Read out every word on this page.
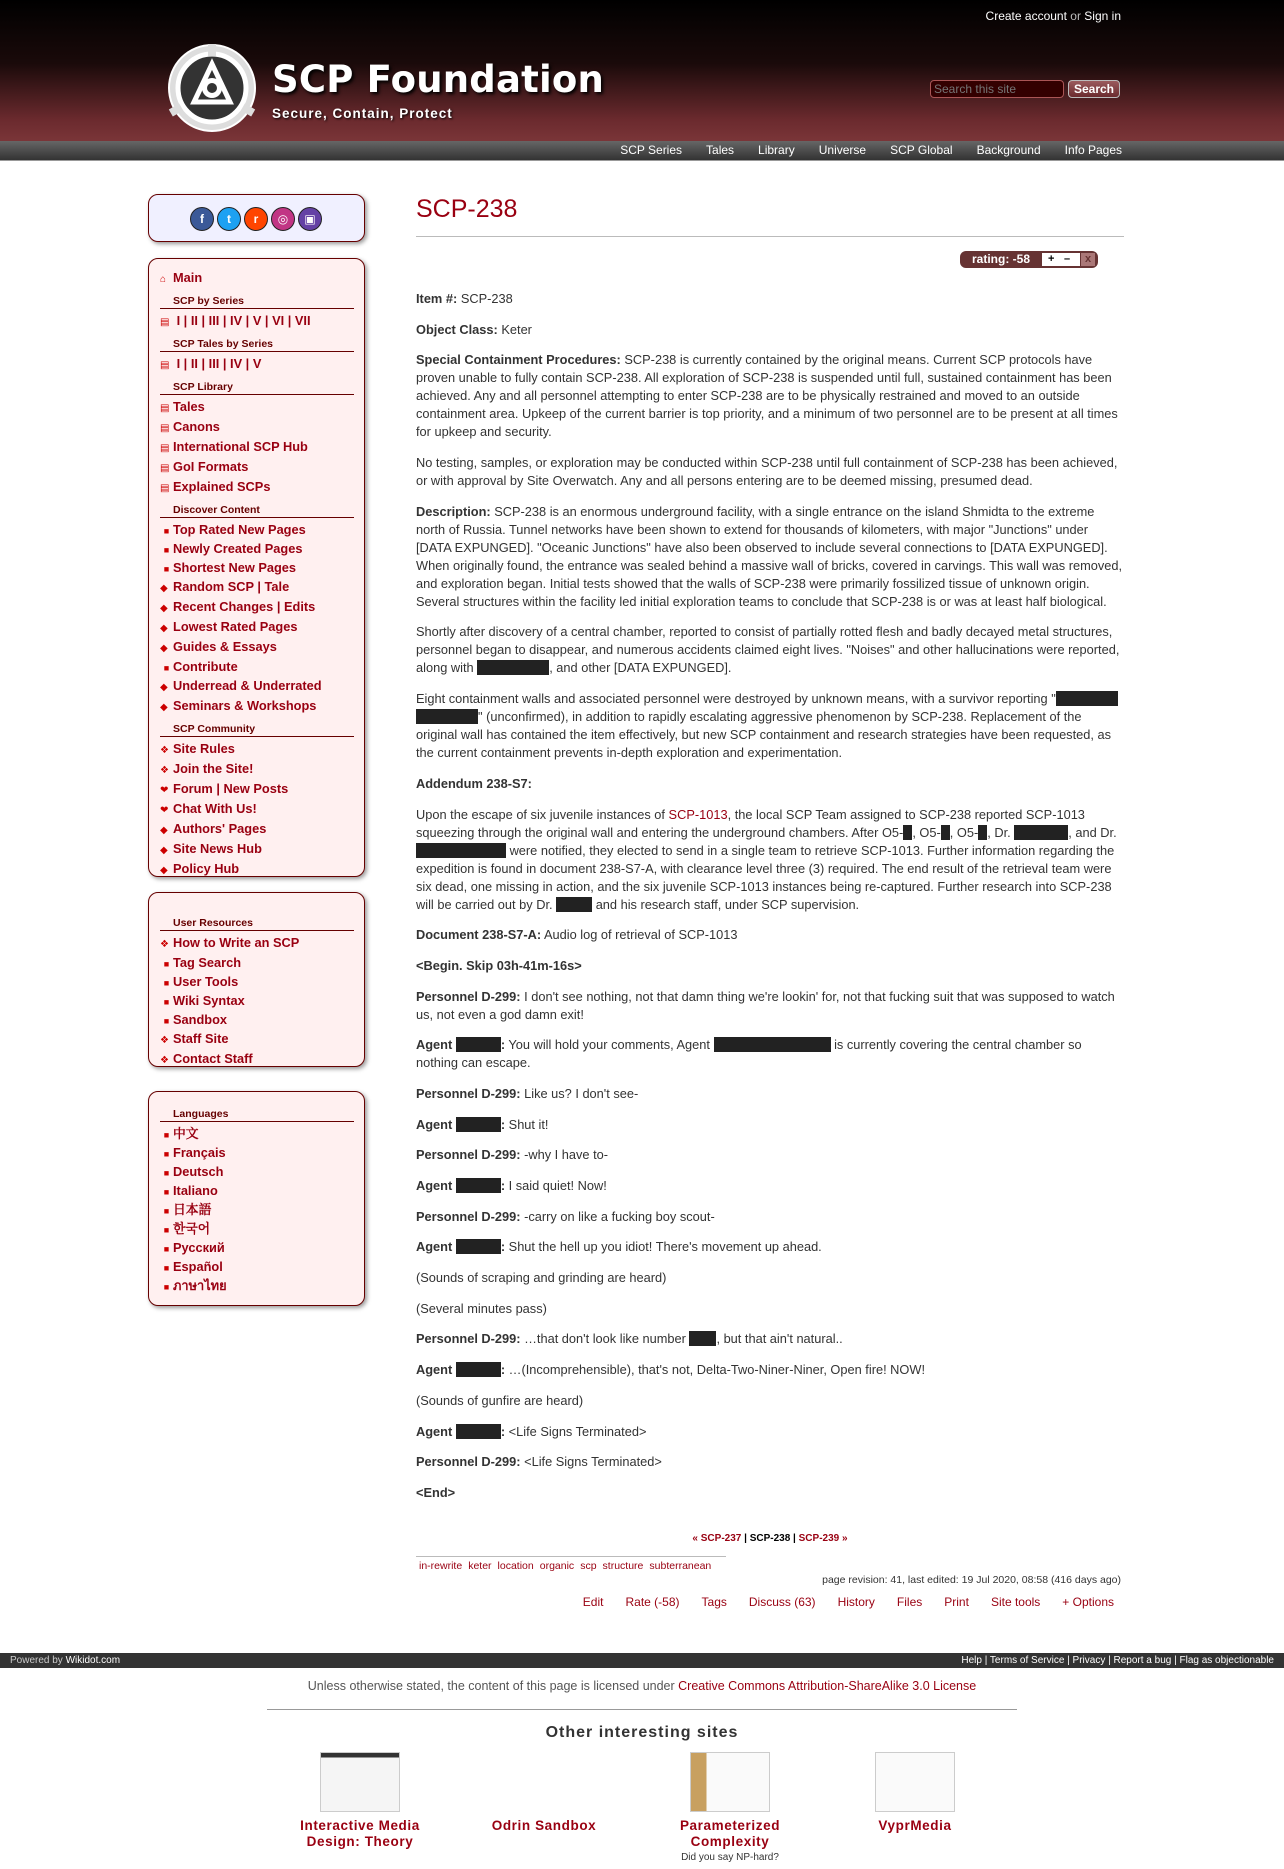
Create account or Sign in
SCP Foundation
Secure, Contain, Protect
Search this site
Search
SCP Series	Tales	Library	Universe	SCP Global	Background	Info Pages
f	t	r	◎	▣
⌂ Main
SCP by Series
▤ I | II | III | IV | V | VI | VII
SCP Tales by Series
▤ I | II | III | IV | V
SCP Library
▤ Tales
▤ Canons
▤ International SCP Hub
▤ GoI Formats
▤ Explained SCPs
Discover Content
■ Top Rated New Pages
■ Newly Created Pages
■ Shortest New Pages
◆ Random SCP | Tale
◆ Recent Changes | Edits
◆ Lowest Rated Pages
◆ Guides & Essays
■ Contribute
◆ Underread & Underrated
◆ Seminars & Workshops
SCP Community
❖ Site Rules
❖ Join the Site!
❤ Forum | New Posts
❤ Chat With Us!
◆ Authors' Pages
◆ Site News Hub
◆ Policy Hub
User Resources
❖ How to Write an SCP
■ Tag Search
■ User Tools
■ Wiki Syntax
■ Sandbox
❖ Staff Site
❖ Contact Staff
Languages
■ 中文
■ Français
■ Deutsch
■ Italiano
■ 日本語
■ 한국어
■ Русский
■ Español
■ ภาษาไทย
SCP-238
rating: -58 + –	x

Item #: SCP-238

Object Class: Keter

Special Containment Procedures: SCP-238 is currently contained by the original means. Current SCP protocols have proven unable to fully contain SCP-238. All exploration of SCP-238 is suspended until full, sustained containment has been achieved. Any and all personnel attempting to enter SCP-238 are to be physically restrained and moved to an outside containment area. Upkeep of the current barrier is top priority, and a minimum of two personnel are to be present at all times for upkeep and security.

No testing, samples, or exploration may be conducted within SCP-238 until full containment of SCP-238 has been achieved, or with approval by Site Overwatch. Any and all persons entering are to be deemed missing, presumed dead.

Description: SCP-238 is an enormous underground facility, with a single entrance on the island Shmidta to the extreme north of Russia. Tunnel networks have been shown to extend for thousands of kilometers, with major "Junctions" under [DATA EXPUNGED]. "Oceanic Junctions" have also been observed to include several connections to [DATA EXPUNGED]. When originally found, the entrance was sealed behind a massive wall of bricks, covered in carvings. This wall was removed, and exploration began. Initial tests showed that the walls of SCP-238 were primarily fossilized tissue of unknown origin. Several structures within the facility led initial exploration teams to conclude that SCP-238 is or was at least half biological.

Shortly after discovery of a central chamber, reported to consist of partially rotted flesh and badly decayed metal structures, personnel began to disappear, and numerous accidents claimed eight lives. "Noises" and other hallucinations were reported, along with	, and other [DATA EXPUNGED].

Eight containment walls and associated personnel were destroyed by unknown means, with a survivor reporting " " (unconfirmed), in addition to rapidly escalating aggressive phenomenon by SCP-238. Replacement of the original wall has contained the item effectively, but new SCP containment and research strategies have been requested, as the current containment prevents in-depth exploration and experimentation.

Addendum 238-S7:

Upon the escape of six juvenile instances of SCP-1013, the local SCP Team assigned to SCP-238 reported SCP-1013 squeezing through the original wall and entering the underground chambers. After O5- , O5- , O5- , Dr.	, and Dr.  were notified, they elected to send in a single team to retrieve SCP-1013. Further information regarding the expedition is found in document 238-S7-A, with clearance level three (3) required. The end result of the retrieval team were six dead, one missing in action, and the six juvenile SCP-1013 instances being re-captured. Further research into SCP-238 will be carried out by Dr.	and his research staff, under SCP supervision.

Document 238-S7-A: Audio log of retrieval of SCP-1013

<Begin. Skip 03h-41m-16s>

Personnel D-299: I don't see nothing, not that damn thing we're lookin' for, not that fucking suit that was supposed to watch us, not even a god damn exit!

Agent	: You will hold your comments, Agent	is currently covering the central chamber so nothing can escape.

Personnel D-299: Like us? I don't see-

Agent	: Shut it!

Personnel D-299: -why I have to-

Agent	: I said quiet! Now!

Personnel D-299: -carry on like a fucking boy scout-

Agent	: Shut the hell up you idiot! There's movement up ahead.

(Sounds of scraping and grinding are heard)

(Several minutes pass)

Personnel D-299: …that don't look like number , but that ain't natural..

Agent	: …(Incomprehensible), that's not, Delta-Two-Niner-Niner, Open fire! NOW!

(Sounds of gunfire are heard)

Agent	: <Life Signs Terminated>

Personnel D-299: <Life Signs Terminated>

<End>

« SCP-237 | SCP-238 | SCP-239 »
in-rewrite keter location organic scp structure subterranean
page revision: 41, last edited: 19 Jul 2020, 08:58 (416 days ago)
Edit Rate (-58) Tags Discuss (63) History Files Print Site tools + Options
Powered by Wikidot.com	Help | Terms of Service | Privacy | Report a bug | Flag as objectionable
Unless otherwise stated, the content of this page is licensed under Creative Commons Attribution-ShareAlike 3.0 License
Other interesting sites
Interactive Media Design: Theory
Odrin Sandbox	Parameterized Complexity
Did you say NP-hard?
VyprMedia
